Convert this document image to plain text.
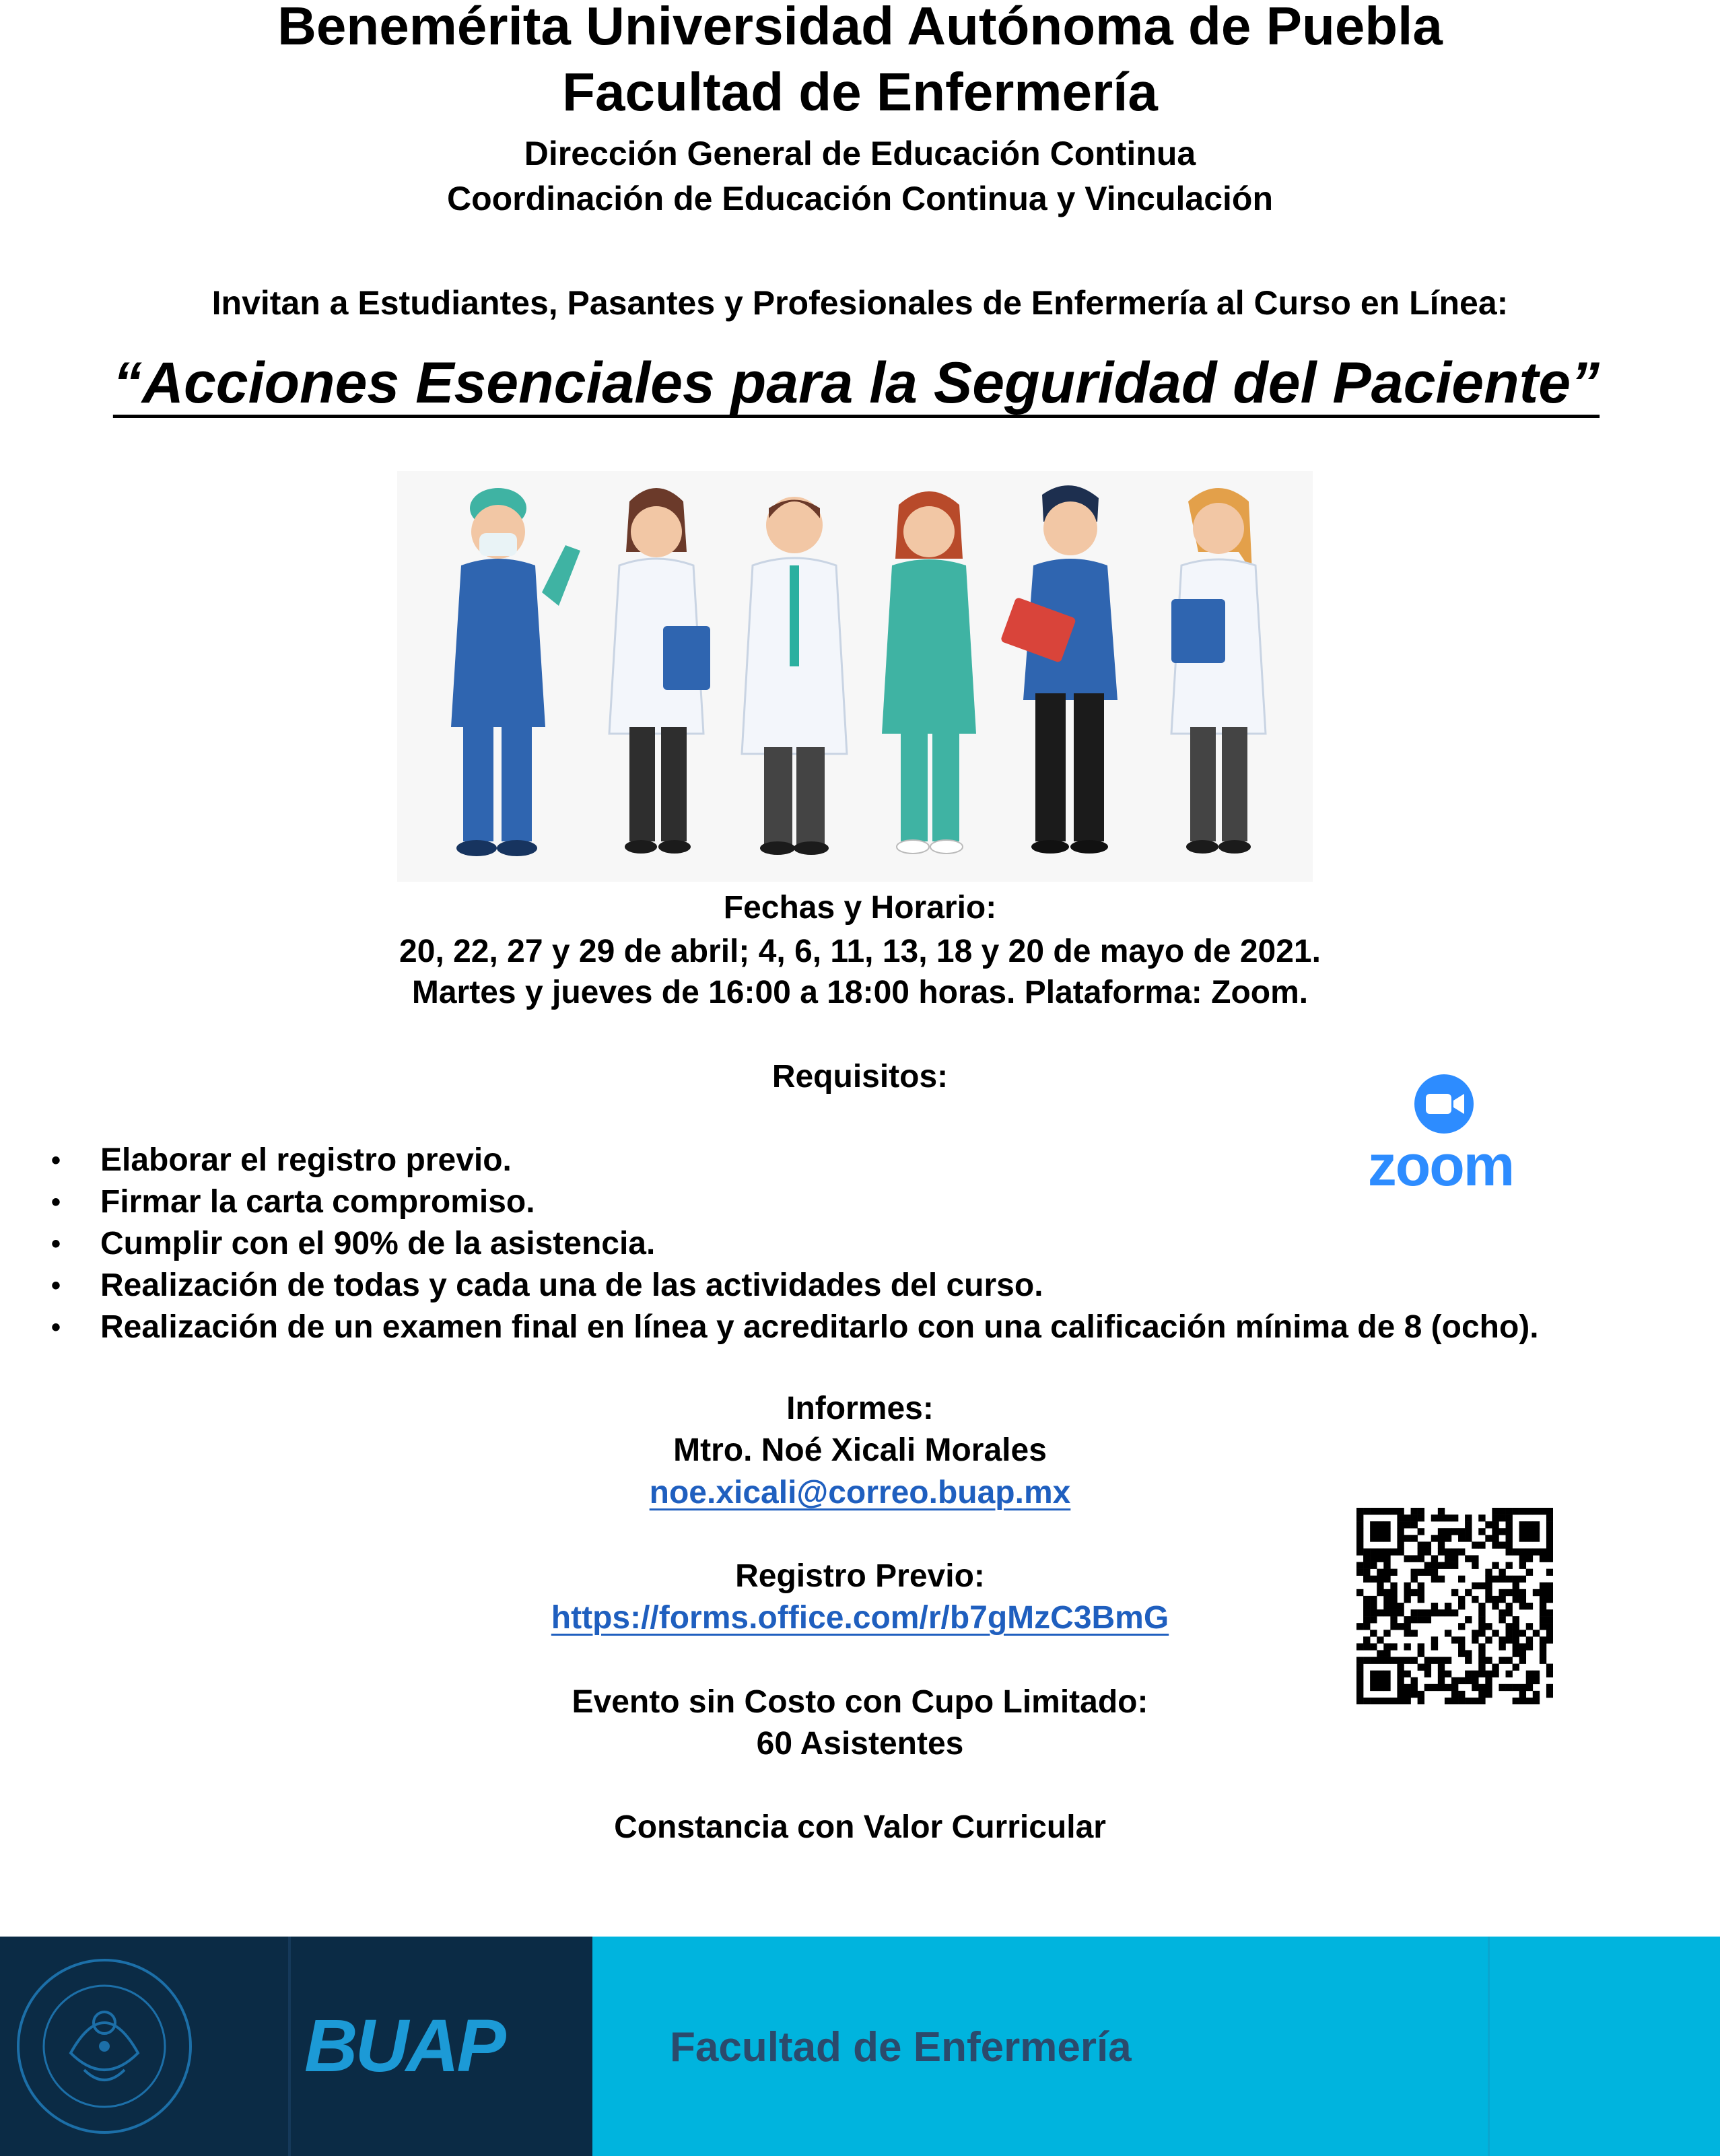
Benemérita Universidad Autónoma de Puebla
Facultad de Enfermería
Dirección General de Educación Continua
Coordinación de Educación Continua y Vinculación
Invitan a Estudiantes, Pasantes y Profesionales de Enfermería al Curso en Línea:
“Acciones Esenciales para la Seguridad del Paciente”
Fechas y Horario:
20, 22, 27 y 29 de abril; 4, 6, 11, 13, 18 y 20 de mayo de 2021.
Martes y jueves de 16:00 a 18:00 horas. Plataforma: Zoom.
Requisitos:
• Elaborar el registro previo.
• Firmar la carta compromiso.
• Cumplir con el 90% de la asistencia.
• Realización de todas y cada una de las actividades del curso.
• Realización de un examen final en línea y acreditarlo con una calificación mínima de 8 (ocho).
zoom
Informes:
Mtro. Noé Xicali Morales
noe.xicali@correo.buap.mx
Registro Previo:
https://forms.office.com/r/b7gMzC3BmG
Evento sin Costo con Cupo Limitado:
60 Asistentes
Constancia con Valor Curricular
BUAP	Facultad de Enfermería
